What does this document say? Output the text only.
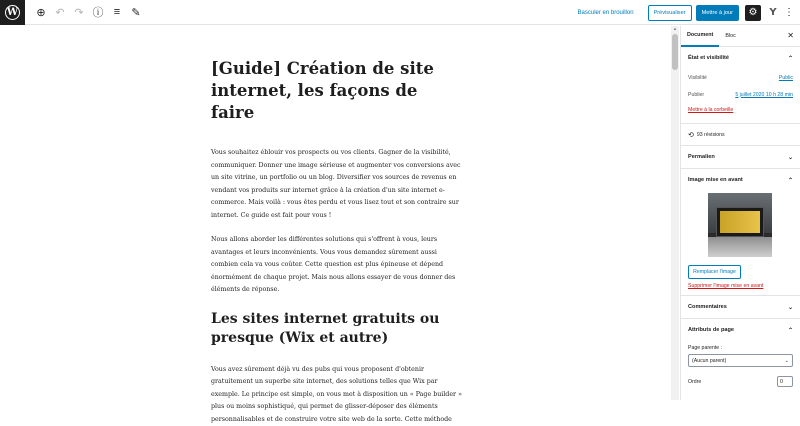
W	⊕ ↶ ↷ ⓘ ≡	✎	Basculer en brouillon	Prévisualiser	Mettre à jour	⚙	Y ⋮
[Guide] Création de site internet, les façons de faire

Vous souhaitez éblouir vos prospects ou vos clients. Gagner de la visibilité, communiquer. Donner une image sérieuse et augmenter vos conversions avec un site vitrine, un portfolio ou un blog. Diversifier vos sources de revenus en vendant vos produits sur internet grâce à la création d'un site internet e-commerce. Mais voilà : vous êtes perdu et vous lisez tout et son contraire sur internet. Ce guide est fait pour vous !

Nous allons aborder les différentes solutions qui s'offrent à vous, leurs avantages et leurs inconvénients. Vous vous demandez sûrement aussi combien cela va vous coûter. Cette question est plus épineuse et dépend énormément de chaque projet. Mais nous allons essayer de vous donner des éléments de réponse.

Les sites internet gratuits ou presque (Wix et autre)

Vous avez sûrement déjà vu des pubs qui vous proposent d'obtenir gratuitement un superbe site internet, des solutions telles que Wix par exemple. Le principe est simple, on vous met à disposition un « Page builder » plus ou moins sophistiqué, qui permet de glisser-déposer des éléments personnalisables et de construire votre site web de la sorte. Cette méthode

▲
Document	Bloc	✕
État et visibilité	⌃
Visibilité	Public
Publier	5 juillet 2020 10 h 28 min
Mettre à la corbeille
⟲ 93 révisions
Permalien	⌄
Image mise en avant	⌃
Remplacer l'image
Supprimer l'image mise en avant
Commentaires	⌄
Attributs de page	⌃
Page parente :
(Aucun parent)	⌄
Ordre	0
